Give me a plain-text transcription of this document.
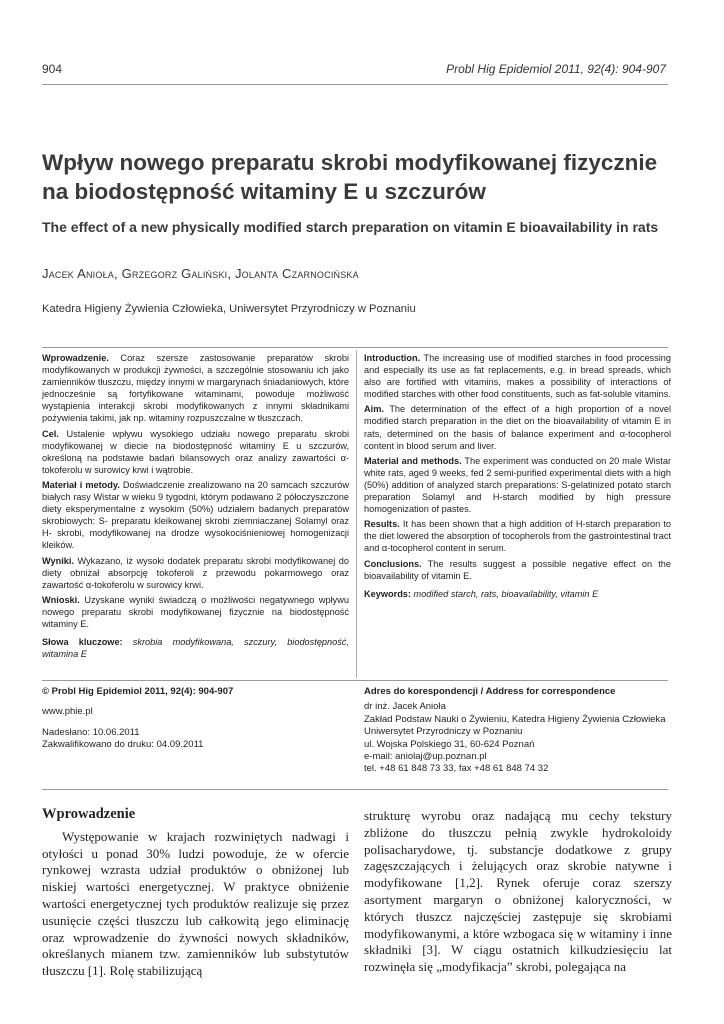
904	Probl Hig Epidemiol 2011, 92(4): 904-907
Wpływ nowego preparatu skrobi modyfikowanej fizycznie
na biodostępność witaminy E u szczurów
The effect of a new physically modified starch preparation on vitamin E bioavailability in rats
Jacek Anioła, Grzegorz Galiński, Jolanta Czarnocińska
Katedra Higieny Żywienia Człowieka, Uniwersytet Przyrodniczy w Poznaniu

Wprowadzenie. Coraz szersze zastosowanie preparatów skrobi modyfikowanych w produkcji żywności, a szczególnie stosowaniu ich jako zamienników tłuszczu, między innymi w margarynach śniadaniowych, które jednocześnie są fortyfikowane witaminami, powoduje możliwość wystąpienia interakcji skrobi modyfikowanych z innymi składnikami pożywienia takimi, jak np. witaminy rozpuszczalne w tłuszczach.

Cel. Ustalenie wpływu wysokiego udziału nowego preparatu skrobi modyfikowanej w diecie na biodostępność witaminy E u szczurów, określoną na podstawie badań bilansowych oraz analizy zawartości α-tokoferolu w surowicy krwi i wątrobie.

Materiał i metody. Doświadczenie zrealizowano na 20 samcach szczurów białych rasy Wistar w wieku 9 tygodni, którym podawano 2 półoczyszczone diety eksperymentalne z wysokim (50%) udziałem badanych preparatów skrobiowych: S- preparatu kleikowanej skrobi ziemniaczanej Solamyl oraz H- skrobi, modyfikowanej na drodze wysokociśnieniowej homogenizacji kleików.

Wyniki. Wykazano, iż wysoki dodatek preparatu skrobi modyfikowanej do diety obniżał absorpcję tokoferoli z przewodu pokarmowego oraz zawartość α-tokoferolu w surowicy krwi.

Wnioski. Uzyskane wyniki świadczą o możliwości negatywnego wpływu nowego preparatu skrobi modyfikowanej fizycznie na biodostępność witaminy E.

Słowa kluczowe: skrobia modyfikowana, szczury, biodostępność, witamina E

Introduction. The increasing use of modified starches in food processing and especially its use as fat replacements, e.g. in bread spreads, which also are fortified with vitamins, makes a possibility of interactions of modified starches with other food constituents, such as fat-soluble vitamins.

Aim. The determination of the effect of a high proportion of a novel modified starch preparation in the diet on the bioavailability of vitamin E in rats, determined on the basis of balance experiment and α-tocopherol content in blood serum and liver.

Material and methods. The experiment was conducted on 20 male Wistar white rats, aged 9 weeks, fed 2 semi-purified experimental diets with a high (50%) addition of analyzed starch preparations: S-gelatinized potato starch preparation Solamyl and H-starch modified by high pressure homogenization of pastes.

Results. It has been shown that a high addition of H-starch preparation to the diet lowered the absorption of tocopherols from the gastrointestinal tract and α-tocopherol content in serum.

Conclusions. The results suggest a possible negative effect on the bioavailability of vitamin E.

Keywords: modified starch, rats, bioavailability, vitamin E

© Probl Hig Epidemiol 2011, 92(4): 904-907

www.phie.pl

Nadesłano: 10.06.2011

Zakwalifikowano do druku: 04.09.2011

Adres do korespondencji / Address for correspondence

dr inż. Jacek Anioła

Zakład Podstaw Nauki o Żywieniu, Katedra Higieny Żywienia Człowieka

Uniwersytet Przyrodniczy w Poznaniu

ul. Wojska Polskiego 31, 60-624 Poznań

e-mail: aniolaj@up.poznan.pl

tel. +48 61 848 73 33, fax +48 61 848 74 32

Wprowadzenie

Występowanie w krajach rozwiniętych nadwagi i otyłości u ponad 30% ludzi powoduje, że w ofercie rynkowej wzrasta udział produktów o obniżonej lub niskiej wartości energetycznej. W praktyce obniżenie wartości energetycznej tych produktów realizuje się przez usunięcie części tłuszczu lub całkowitą jego eliminację oraz wprowadzenie do żywności nowych składników, określanych mianem tzw. zamienników lub substytutów tłuszczu [1]. Rolę stabilizującą

strukturę wyrobu oraz nadającą mu cechy tekstury zbliżone do tłuszczu pełnią zwykle hydrokoloidy polisacharydowe, tj. substancje dodatkowe z grupy zagęszczających i żelujących oraz skrobie natywne i modyfikowane [1,2]. Rynek oferuje coraz szerszy asortyment margaryn o obniżonej kaloryczności, w których tłuszcz najczęściej zastępuje się skrobiami modyfikowanymi, a które wzbogaca się w witaminy i inne składniki [3]. W ciągu ostatnich kilkudziesięciu lat rozwinęła się „modyfikacja” skrobi, polegająca na
